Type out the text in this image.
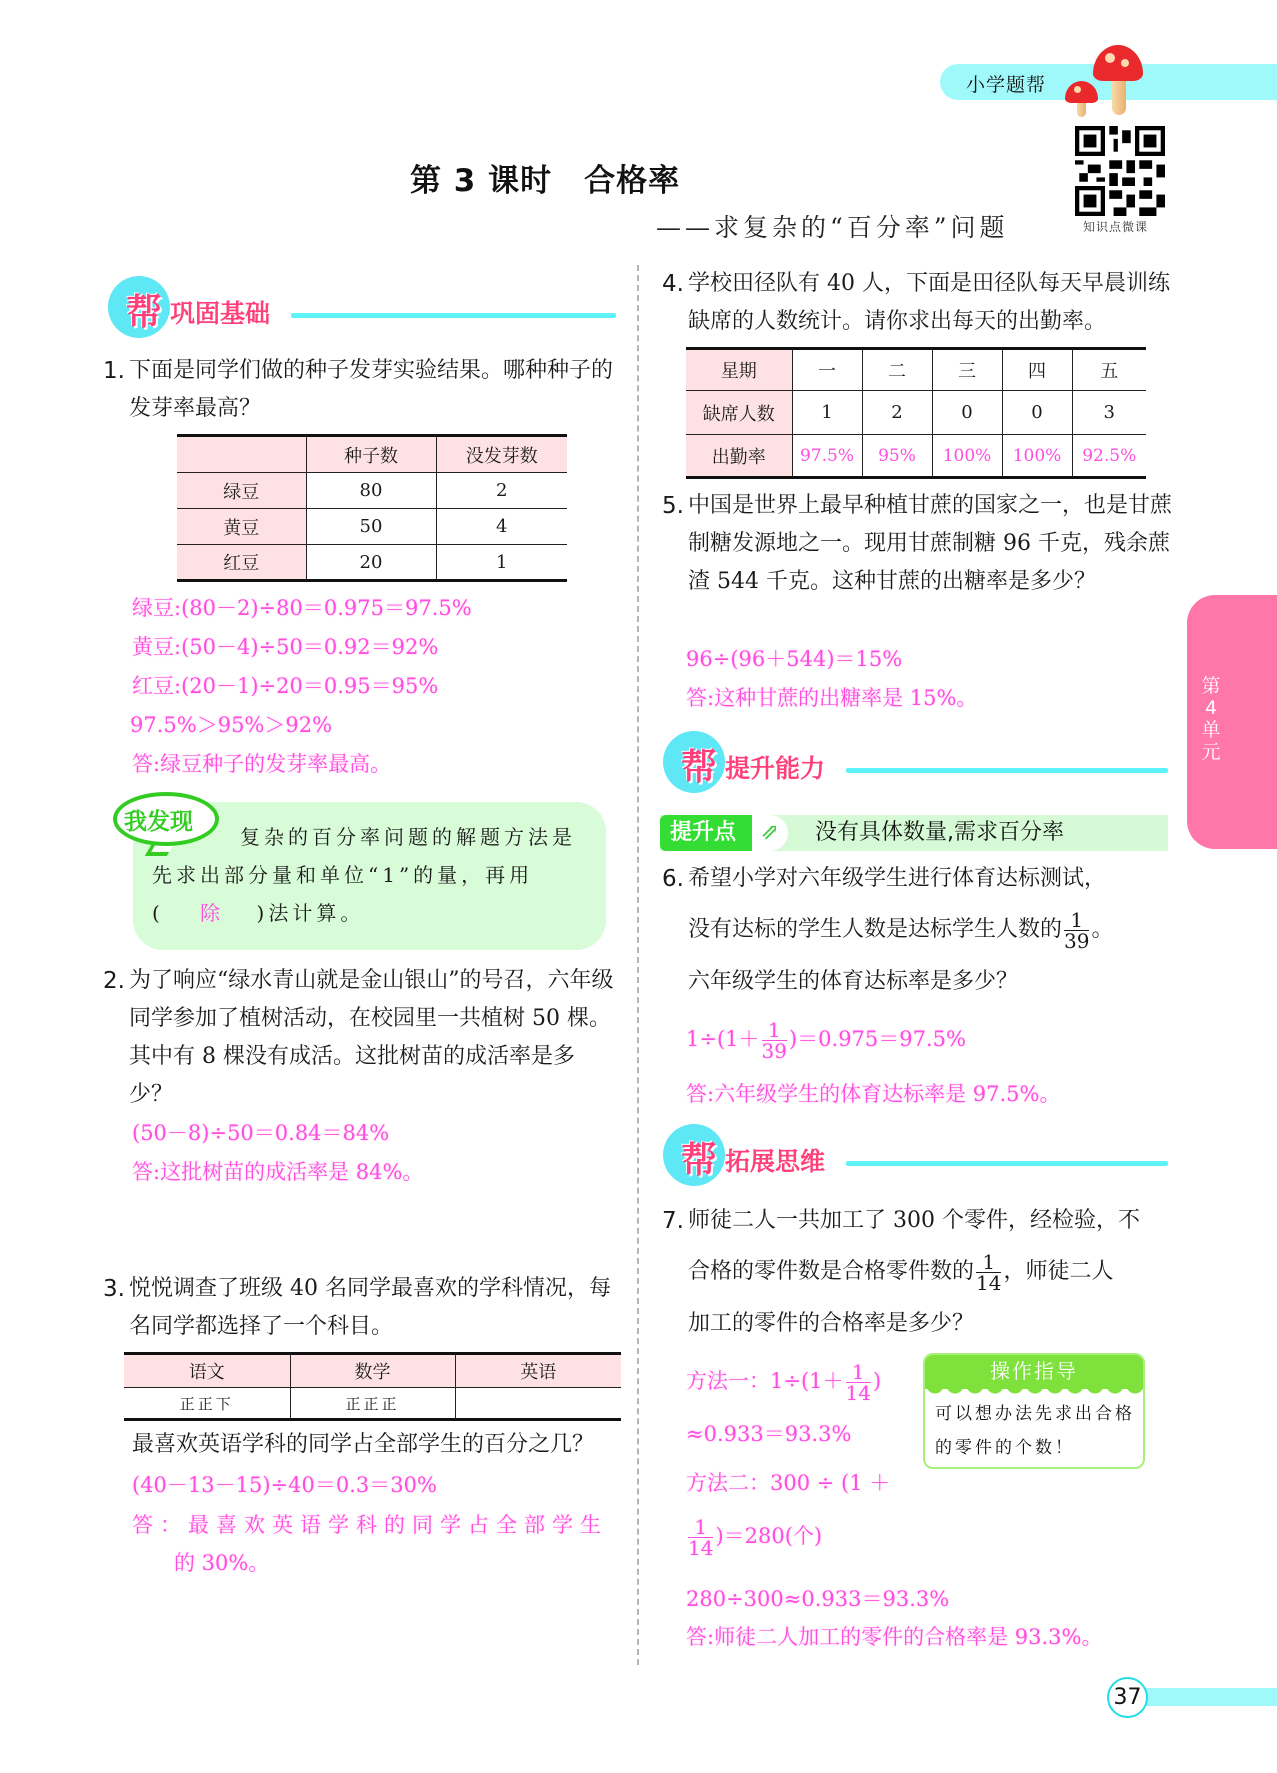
小学题帮
第 3 课时　合格率
——求复杂的“百分率”问题	知识点微课
帮 巩固基础
1. 下面是同学们做的种子发芽实验结果。哪种种子的发芽率最高？
	种子数	没发芽数
绿豆	80	2
黄豆	50	4
红豆	20	1
绿豆:(80－2)÷80＝0.975＝97.5%
黄豆:(50－4)÷50＝0.92＝92%
红豆:(20－1)÷20＝0.95＝95%
97.5%＞95%＞92%
答:绿豆种子的发芽率最高。
我发现
复杂的百分率问题的解题方法是
先求出部分量和单位“1”的量，再用
( 除 )法计算。
2. 为了响应“绿水青山就是金山银山”的号召，六年级同学参加了植树活动，在校园里一共植树 50 棵。其中有 8 棵没有成活。这批树苗的成活率是多少？
(50－8)÷50＝0.84＝84%
答:这批树苗的成活率是 84%。
3. 悦悦调查了班级 40 名同学最喜欢的学科情况，每名同学都选择了一个科目。
语文	数学	英语
正正下	正正正	
最喜欢英语学科的同学占全部学生的百分之几？
(40－13－15)÷40＝0.3＝30%
答：最喜欢英语学科的同学占全部学生
的 30%。
4. 学校田径队有 40 人，下面是田径队每天早晨训练缺席的人数统计。请你求出每天的出勤率。
星期	一	二	三	四	五
缺席人数	1	2	0	0	3
出勤率	97.5%	95%	100%	100%	92.5%
5. 中国是世界上最早种植甘蔗的国家之一，也是甘蔗制糖发源地之一。现用甘蔗制糖 96 千克，残余蔗渣 544 千克。这种甘蔗的出糖率是多少？
96÷(96＋544)＝15%
答:这种甘蔗的出糖率是 15%。
帮 提升能力
提升点	⇗	没有具体数量,需求百分率
6. 希望小学对六年级学生进行体育达标测试，
没有达标的学生人数是达标学生人数的 $\frac{1}{39}$ 。
六年级学生的体育达标率是多少？
$1\div(1+ \frac{1}{39} )=0.975=97.5\%$
答:六年级学生的体育达标率是 97.5%。
帮 拓展思维
7. 师徒二人一共加工了 300 个零件，经检验，不
合格的零件数是合格零件数的 $\frac{1}{14}$ ，师徒二人
加工的零件的合格率是多少？
方法一：$1\div(1+ \frac{1}{14}$ )
≈0.933＝93.3%
方法二：300 ÷ (1 ＋
$\frac{1}{14} )=280$(个)
280÷300≈0.933＝93.3%
答:师徒二人加工的零件的合格率是 93.3%。
操作指导
可以想办法先求出合格的零件的个数！
第4单元
37
